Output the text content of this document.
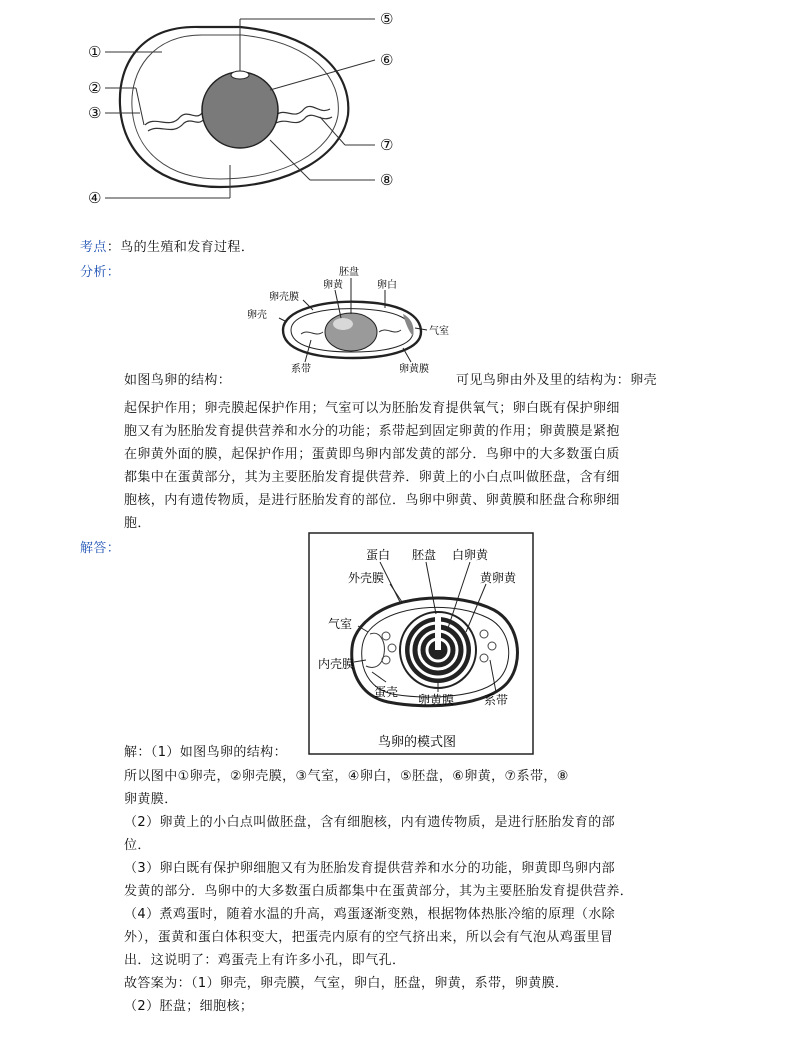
①
②
③
④
⑤
⑥
⑦
⑧
考点：鸟的生殖和发育过程．
分析：	胚盘
卵黄	卵白
卵壳膜
卵壳
气室
系带	卵黄膜
如图鸟卵的结构：	可见鸟卵由外及里的结构为：卵壳
起保护作用；卵壳膜起保护作用；气室可以为胚胎发育提供氧气；卵白既有保护卵细
胞又有为胚胎发育提供营养和水分的功能；系带起到固定卵黄的作用；卵黄膜是紧抱
在卵黄外面的膜，起保护作用；蛋黄即鸟卵内部发黄的部分．鸟卵中的大多数蛋白质
都集中在蛋黄部分，其为主要胚胎发育提供营养．卵黄上的小白点叫做胚盘，含有细
胞核，内有遗传物质，是进行胚胎发育的部位．鸟卵中卵黄、卵黄膜和胚盘合称卵细
胞．
解答：	蛋白 胚盘 白卵黄
外壳膜	黄卵黄
气室
内壳膜
蛋壳
卵黄膜 系带
鸟卵的模式图
解：（1）如图鸟卵的结构：
所以图中①卵壳，②卵壳膜，③气室，④卵白，⑤胚盘，⑥卵黄，⑦系带，⑧
卵黄膜．
（2）卵黄上的小白点叫做胚盘，含有细胞核，内有遗传物质，是进行胚胎发育的部
位．
（3）卵白既有保护卵细胞又有为胚胎发育提供营养和水分的功能，卵黄即鸟卵内部
发黄的部分．鸟卵中的大多数蛋白质都集中在蛋黄部分，其为主要胚胎发育提供营养．
（4）煮鸡蛋时，随着水温的升高，鸡蛋逐渐变熟，根据物体热胀冷缩的原理（水除
外），蛋黄和蛋白体积变大，把蛋壳内原有的空气挤出来，所以会有气泡从鸡蛋里冒
出．这说明了：鸡蛋壳上有许多小孔，即气孔．
故答案为：（1）卵壳，卵壳膜，气室，卵白，胚盘，卵黄，系带，卵黄膜．
（2）胚盘；细胞核；
